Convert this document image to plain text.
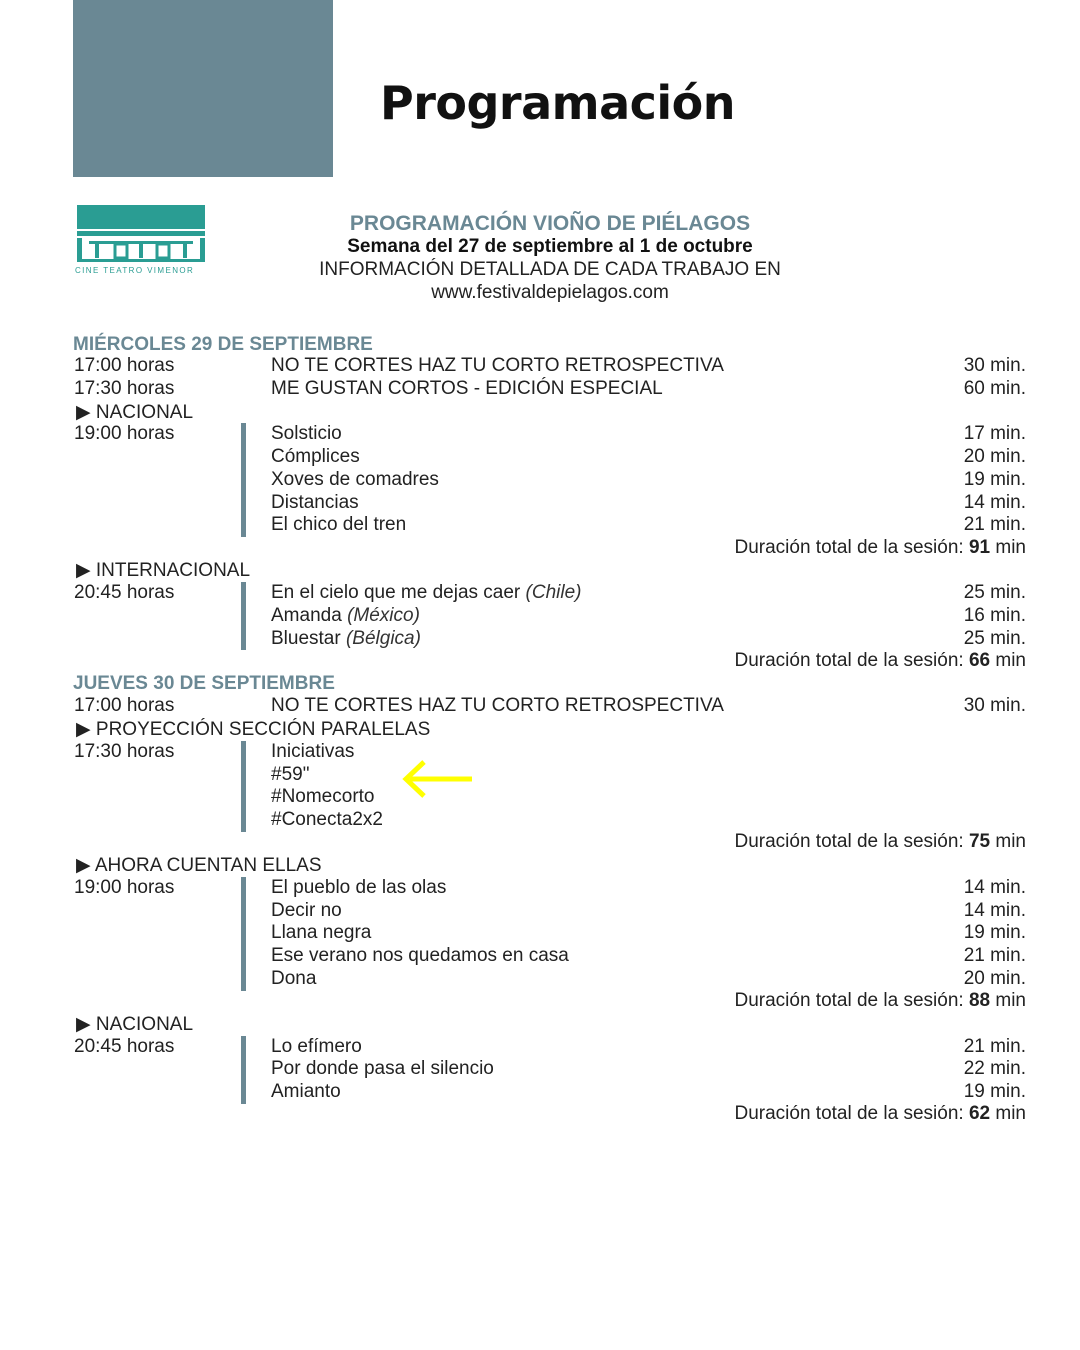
Programación
CINE TEATRO VIMENOR
PROGRAMACIÓN VIOÑO DE PIÉLAGOS
Semana del 27 de septiembre al 1 de octubre
INFORMACIÓN DETALLADA DE CADA TRABAJO EN
www.festivaldepielagos.com
MIÉRCOLES 29 DE SEPTIEMBRE
17:00 horas	NO TE CORTES HAZ TU CORTO RETROSPECTIVA	30 min.
17:30 horas	ME GUSTAN CORTOS - EDICIÓN ESPECIAL	60 min.
▶ NACIONAL
19:00 horas	Solsticio	17 min.
Cómplices	20 min.
Xoves de comadres	19 min.
Distancias	14 min.
El chico del tren	21 min.
Duración total de la sesión: 91 min
▶ INTERNACIONAL
20:45 horas	En el cielo que me dejas caer (Chile)	25 min.
Amanda (México)	16 min.
Bluestar (Bélgica)	25 min.
Duración total de la sesión: 66 min
JUEVES 30 DE SEPTIEMBRE
17:00 horas	NO TE CORTES HAZ TU CORTO RETROSPECTIVA	30 min.
▶ PROYECCIÓN SECCIÓN PARALELAS
17:30 horas	Iniciativas
#59"
#Nomecorto
#Conecta2x2
Duración total de la sesión: 75 min
▶ AHORA CUENTAN ELLAS
19:00 horas	El pueblo de las olas	14 min.
Decir no	14 min.
Llana negra	19 min.
Ese verano nos quedamos en casa	21 min.
Dona	20 min.
Duración total de la sesión: 88 min
▶ NACIONAL
20:45 horas	Lo efímero	21 min.
Por donde pasa el silencio	22 min.
Amianto	19 min.
Duración total de la sesión: 62 min
